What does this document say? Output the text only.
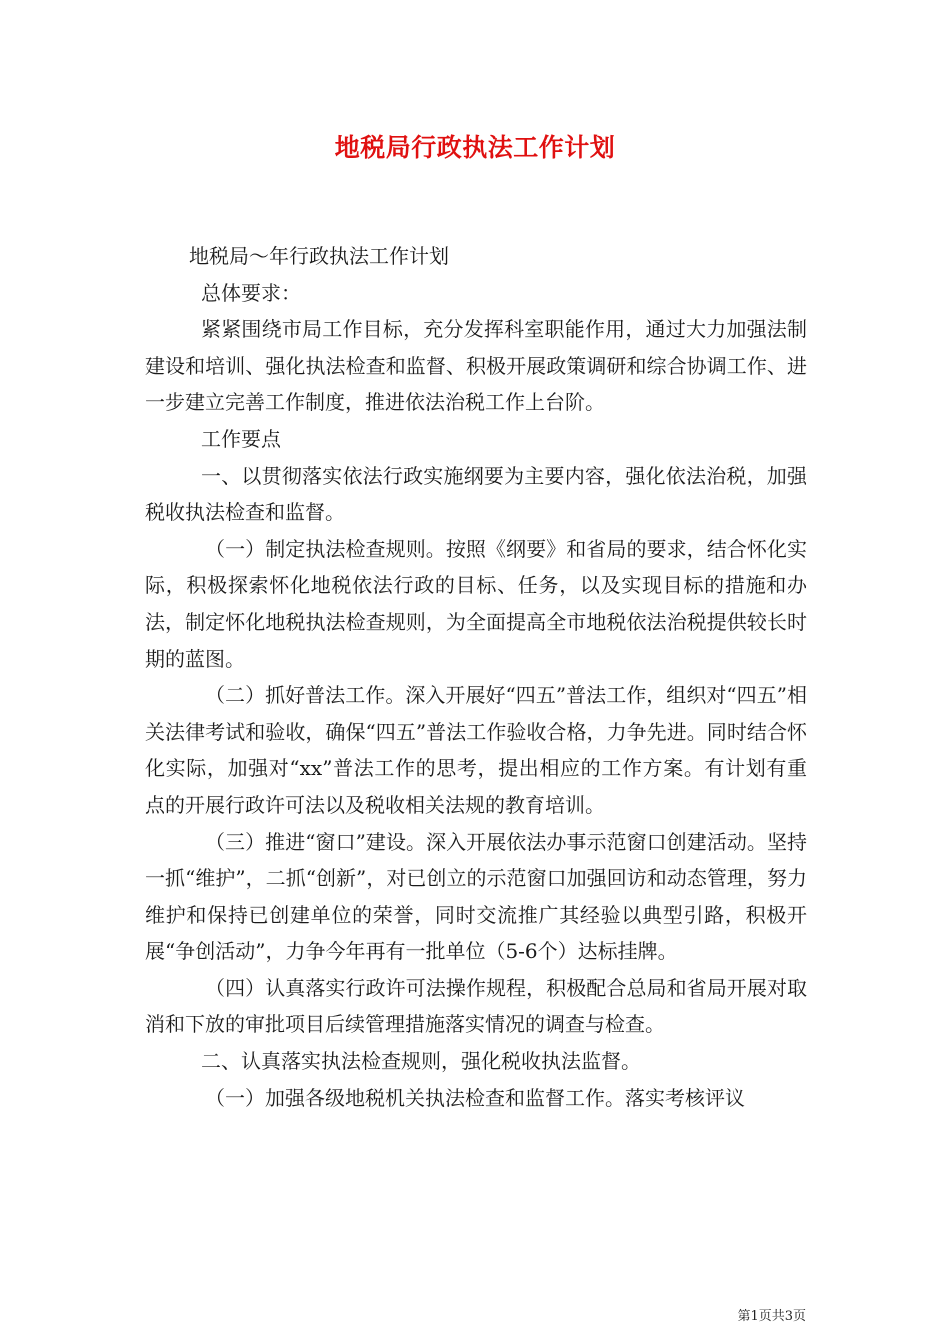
地税局行政执法工作计划

地税局～年行政执法工作计划

总体要求：

紧紧围绕市局工作目标，充分发挥科室职能作用，通过大力加强法制建设和培训、强化执法检查和监督、积极开展政策调研和综合协调工作、进一步建立完善工作制度，推进依法治税工作上台阶。

工作要点

一、以贯彻落实依法行政实施纲要为主要内容，强化依法治税，加强税收执法检查和监督。

（一）制定执法检查规则。按照《纲要》和省局的要求，结合怀化实际，积极探索怀化地税依法行政的目标、任务，以及实现目标的措施和办法，制定怀化地税执法检查规则，为全面提高全市地税依法治税提供较长时期的蓝图。

（二）抓好普法工作。深入开展好“四五”普法工作，组织对“四五”相关法律考试和验收，确保“四五”普法工作验收合格，力争先进。同时结合怀化实际，加强对“xx”普法工作的思考，提出相应的工作方案。有计划有重点的开展行政许可法以及税收相关法规的教育培训。

（三）推进“窗口”建设。深入开展依法办事示范窗口创建活动。坚持一抓“维护”，二抓“创新”，对已创立的示范窗口加强回访和动态管理，努力维护和保持已创建单位的荣誉，同时交流推广其经验以典型引路，积极开展“争创活动”，力争今年再有一批单位（5-6个）达标挂牌。

（四）认真落实行政许可法操作规程，积极配合总局和省局开展对取消和下放的审批项目后续管理措施落实情况的调查与检查。

二、认真落实执法检查规则，强化税收执法监督。

（一）加强各级地税机关执法检查和监督工作。落实考核评议

第1页共3页
